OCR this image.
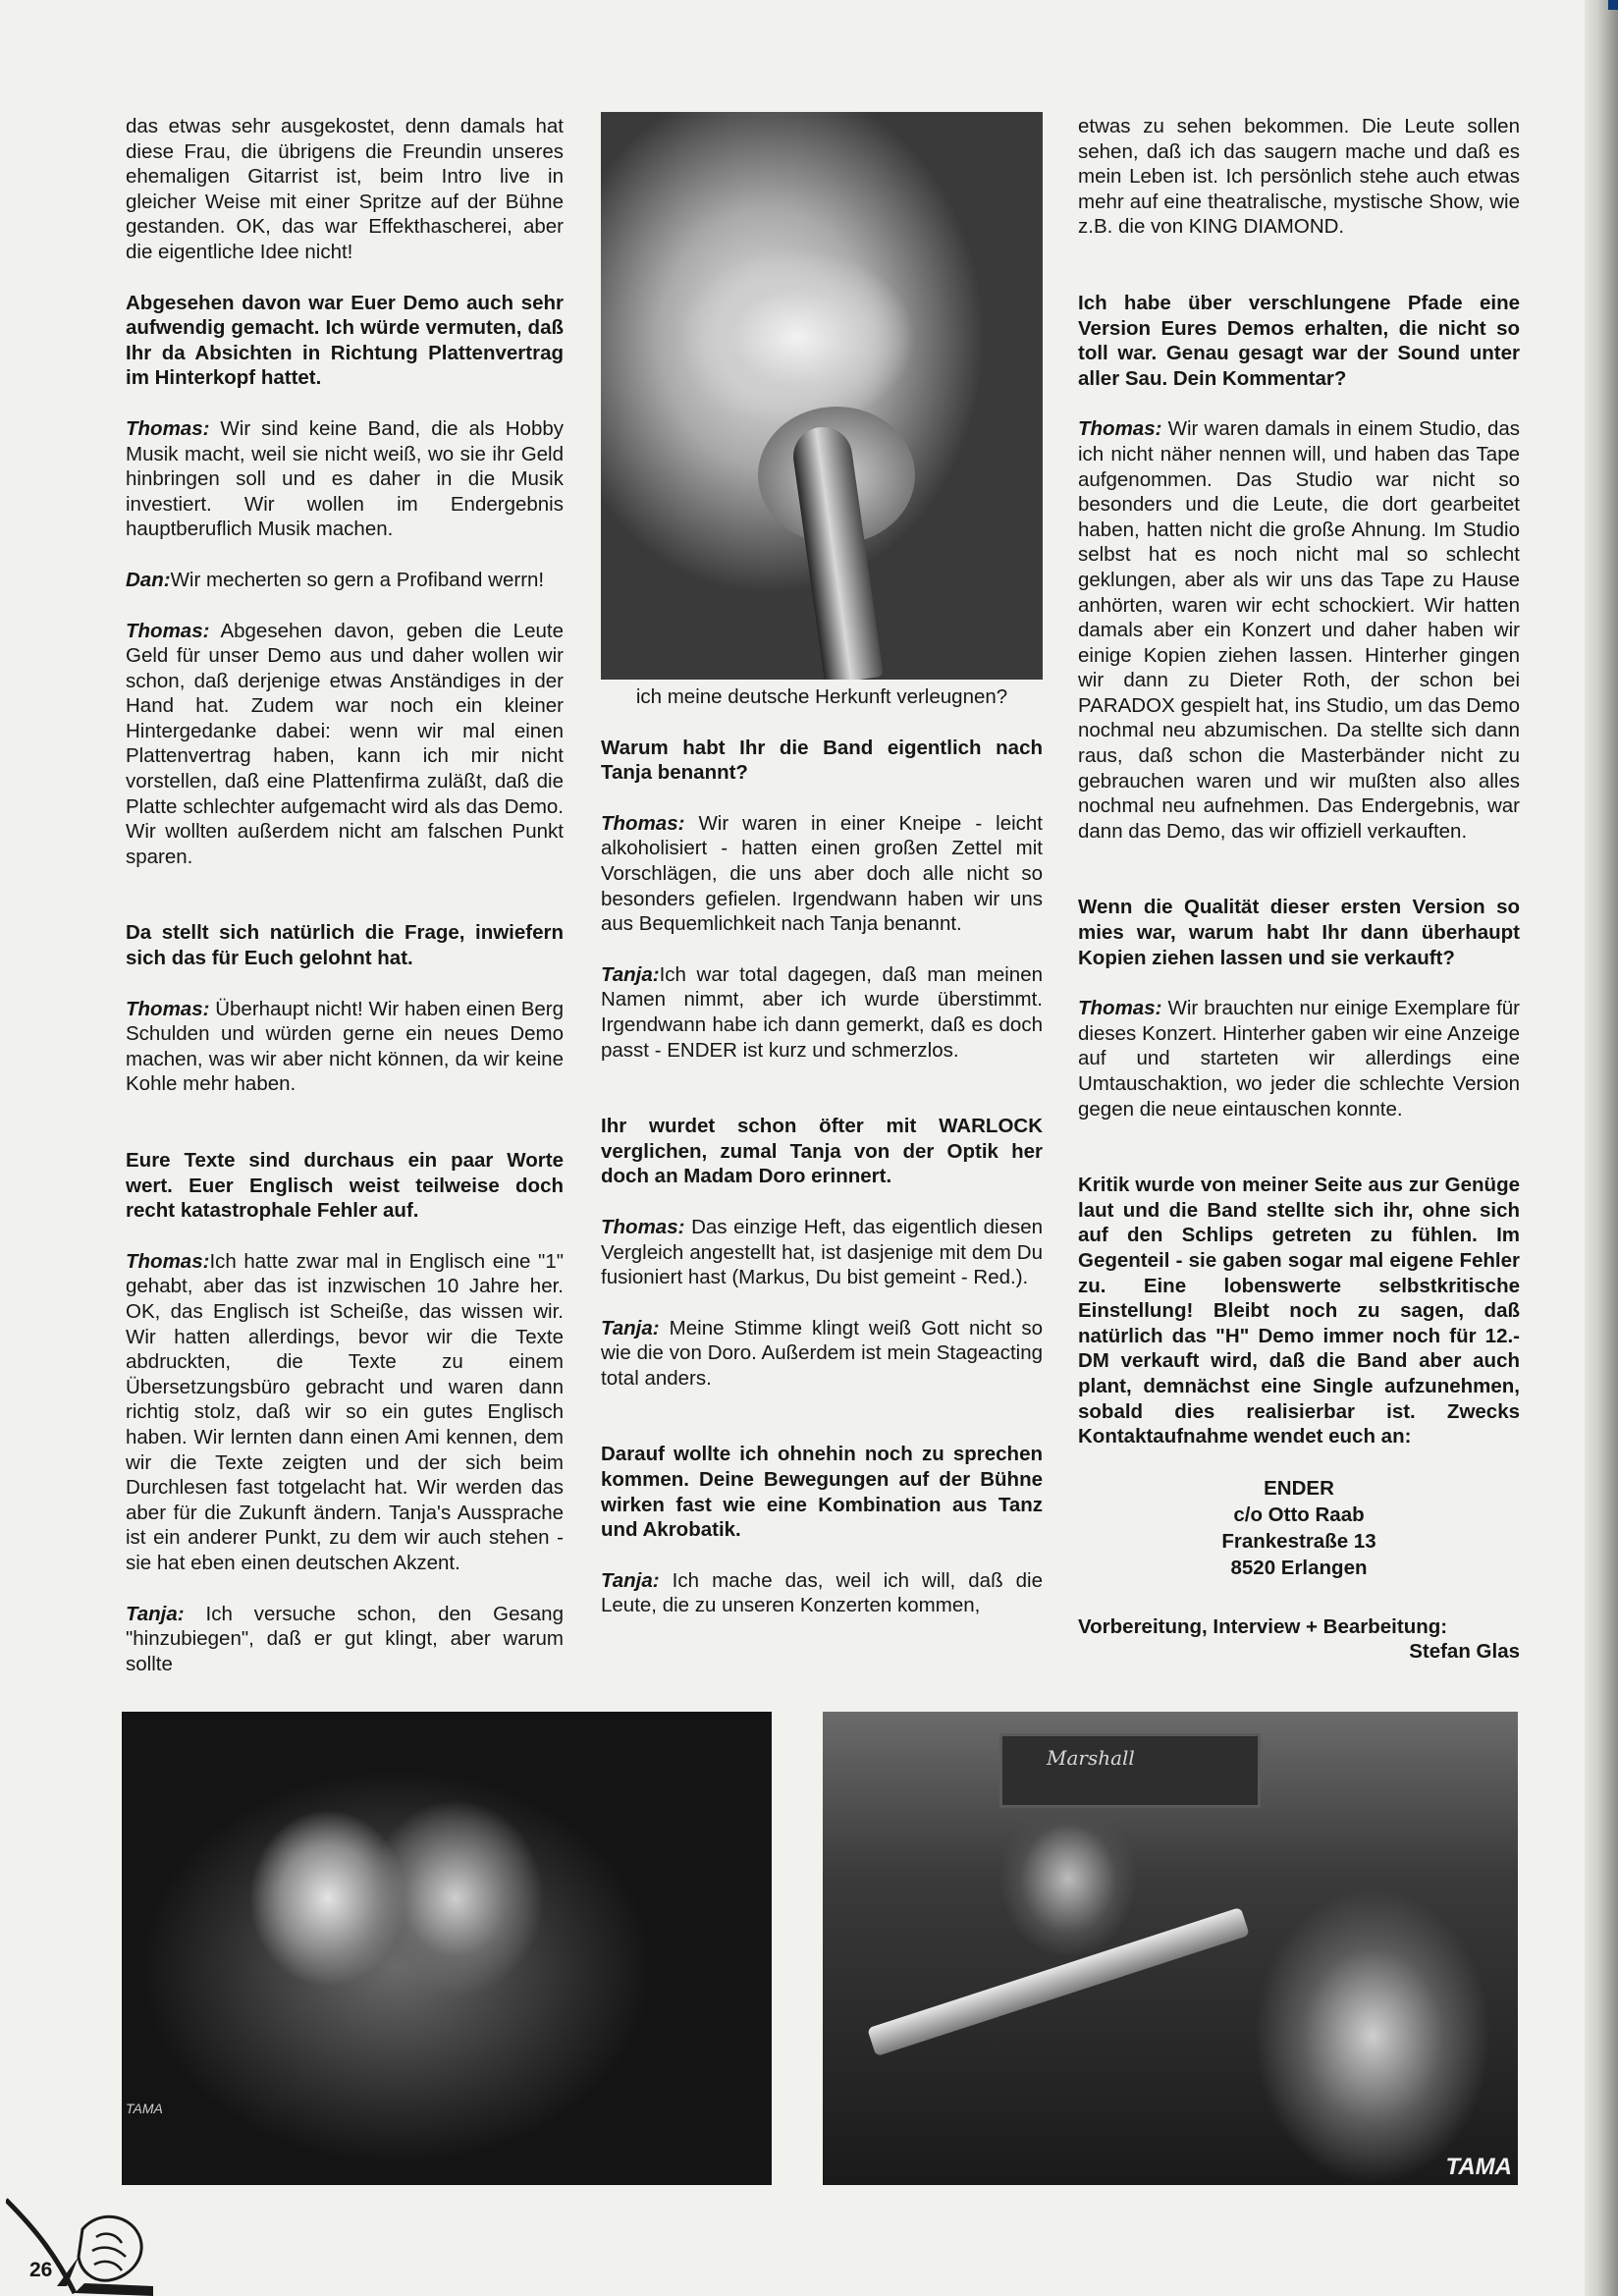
das etwas sehr ausgekostet, denn damals hat diese Frau, die übrigens die Freundin unseres ehemaligen Gitarrist ist, beim Intro live in gleicher Weise mit einer Spritze auf der Bühne gestanden. OK, das war Effekthascherei, aber die eigentliche Idee nicht!

Abgesehen davon war Euer Demo auch sehr aufwendig gemacht. Ich würde vermuten, daß Ihr da Absichten in Richtung Plattenvertrag im Hinterkopf hattet.

Thomas: Wir sind keine Band, die als Hobby Musik macht, weil sie nicht weiß, wo sie ihr Geld hinbringen soll und es daher in die Musik investiert. Wir wollen im Endergebnis hauptberuflich Musik machen.

Dan:Wir mecherten so gern a Profiband werrn!

Thomas: Abgesehen davon, geben die Leute Geld für unser Demo aus und daher wollen wir schon, daß derjenige etwas Anständiges in der Hand hat. Zudem war noch ein kleiner Hintergedanke dabei: wenn wir mal einen Plattenvertrag haben, kann ich mir nicht vorstellen, daß eine Plattenfirma zuläßt, daß die Platte schlechter aufgemacht wird als das Demo. Wir wollten außerdem nicht am falschen Punkt sparen.

Da stellt sich natürlich die Frage, inwiefern sich das für Euch gelohnt hat.

Thomas: Überhaupt nicht! Wir haben einen Berg Schulden und würden gerne ein neues Demo machen, was wir aber nicht können, da wir keine Kohle mehr haben.

Eure Texte sind durchaus ein paar Worte wert. Euer Englisch weist teilweise doch recht katastrophale Fehler auf.

Thomas:Ich hatte zwar mal in Englisch eine "1" gehabt, aber das ist inzwischen 10 Jahre her. OK, das Englisch ist Scheiße, das wissen wir. Wir hatten allerdings, bevor wir die Texte abdruckten, die Texte zu einem Übersetzungsbüro gebracht und waren dann richtig stolz, daß wir so ein gutes Englisch haben. Wir lernten dann einen Ami kennen, dem wir die Texte zeigten und der sich beim Durchlesen fast totgelacht hat. Wir werden das aber für die Zukunft ändern. Tanja's Aussprache ist ein anderer Punkt, zu dem wir auch stehen - sie hat eben einen deutschen Akzent.

Tanja: Ich versuche schon, den Gesang "hinzubiegen", daß er gut klingt, aber warum sollte

ich meine deutsche Herkunft verleugnen?

Warum habt Ihr die Band eigentlich nach Tanja benannt?

Thomas: Wir waren in einer Kneipe - leicht alkoholisiert - hatten einen großen Zettel mit Vorschlägen, die uns aber doch alle nicht so besonders gefielen. Irgendwann haben wir uns aus Bequemlichkeit nach Tanja benannt.

Tanja:Ich war total dagegen, daß man meinen Namen nimmt, aber ich wurde überstimmt. Irgendwann habe ich dann gemerkt, daß es doch passt - ENDER ist kurz und schmerzlos.

Ihr wurdet schon öfter mit WARLOCK verglichen, zumal Tanja von der Optik her doch an Madam Doro erinnert.

Thomas: Das einzige Heft, das eigentlich diesen Vergleich angestellt hat, ist dasjenige mit dem Du fusioniert hast (Markus, Du bist gemeint - Red.).

Tanja: Meine Stimme klingt weiß Gott nicht so wie die von Doro. Außerdem ist mein Stageacting total anders.

Darauf wollte ich ohnehin noch zu sprechen kommen. Deine Bewegungen auf der Bühne wirken fast wie eine Kombination aus Tanz und Akrobatik.

Tanja: Ich mache das, weil ich will, daß die Leute, die zu unseren Konzerten kommen,

etwas zu sehen bekommen. Die Leute sollen sehen, daß ich das saugern mache und daß es mein Leben ist. Ich persönlich stehe auch etwas mehr auf eine theatralische, mystische Show, wie z.B. die von KING DIAMOND.

Ich habe über verschlungene Pfade eine Version Eures Demos erhalten, die nicht so toll war. Genau gesagt war der Sound unter aller Sau. Dein Kommentar?

Thomas: Wir waren damals in einem Studio, das ich nicht näher nennen will, und haben das Tape aufgenommen. Das Studio war nicht so besonders und die Leute, die dort gearbeitet haben, hatten nicht die große Ahnung. Im Studio selbst hat es noch nicht mal so schlecht geklungen, aber als wir uns das Tape zu Hause anhörten, waren wir echt schockiert. Wir hatten damals aber ein Konzert und daher haben wir einige Kopien ziehen lassen. Hinterher gingen wir dann zu Dieter Roth, der schon bei PARADOX gespielt hat, ins Studio, um das Demo nochmal neu abzumischen. Da stellte sich dann raus, daß schon die Masterbänder nicht zu gebrauchen waren und wir mußten also alles nochmal neu aufnehmen. Das Endergebnis, war dann das Demo, das wir offiziell verkauften.

Wenn die Qualität dieser ersten Version so mies war, warum habt Ihr dann überhaupt Kopien ziehen lassen und sie verkauft?

Thomas: Wir brauchten nur einige Exemplare für dieses Konzert. Hinterher gaben wir eine Anzeige auf und starteten wir allerdings eine Umtauschaktion, wo jeder die schlechte Version gegen die neue eintauschen konnte.

Kritik wurde von meiner Seite aus zur Genüge laut und die Band stellte sich ihr, ohne sich auf den Schlips getreten zu fühlen. Im Gegenteil - sie gaben sogar mal eigene Fehler zu. Eine lobenswerte selbstkritische Einstellung! Bleibt noch zu sagen, daß natürlich das "H" Demo immer noch für 12.- DM verkauft wird, daß die Band aber auch plant, demnächst eine Single aufzunehmen, sobald dies realisierbar ist. Zwecks Kontaktaufnahme wendet euch an:

ENDER
c/o Otto Raab
Frankestraße 13
8520 Erlangen
Vorbereitung, Interview + Bearbeitung:
Stefan Glas
TAMA
Marshall
TAMA
26
